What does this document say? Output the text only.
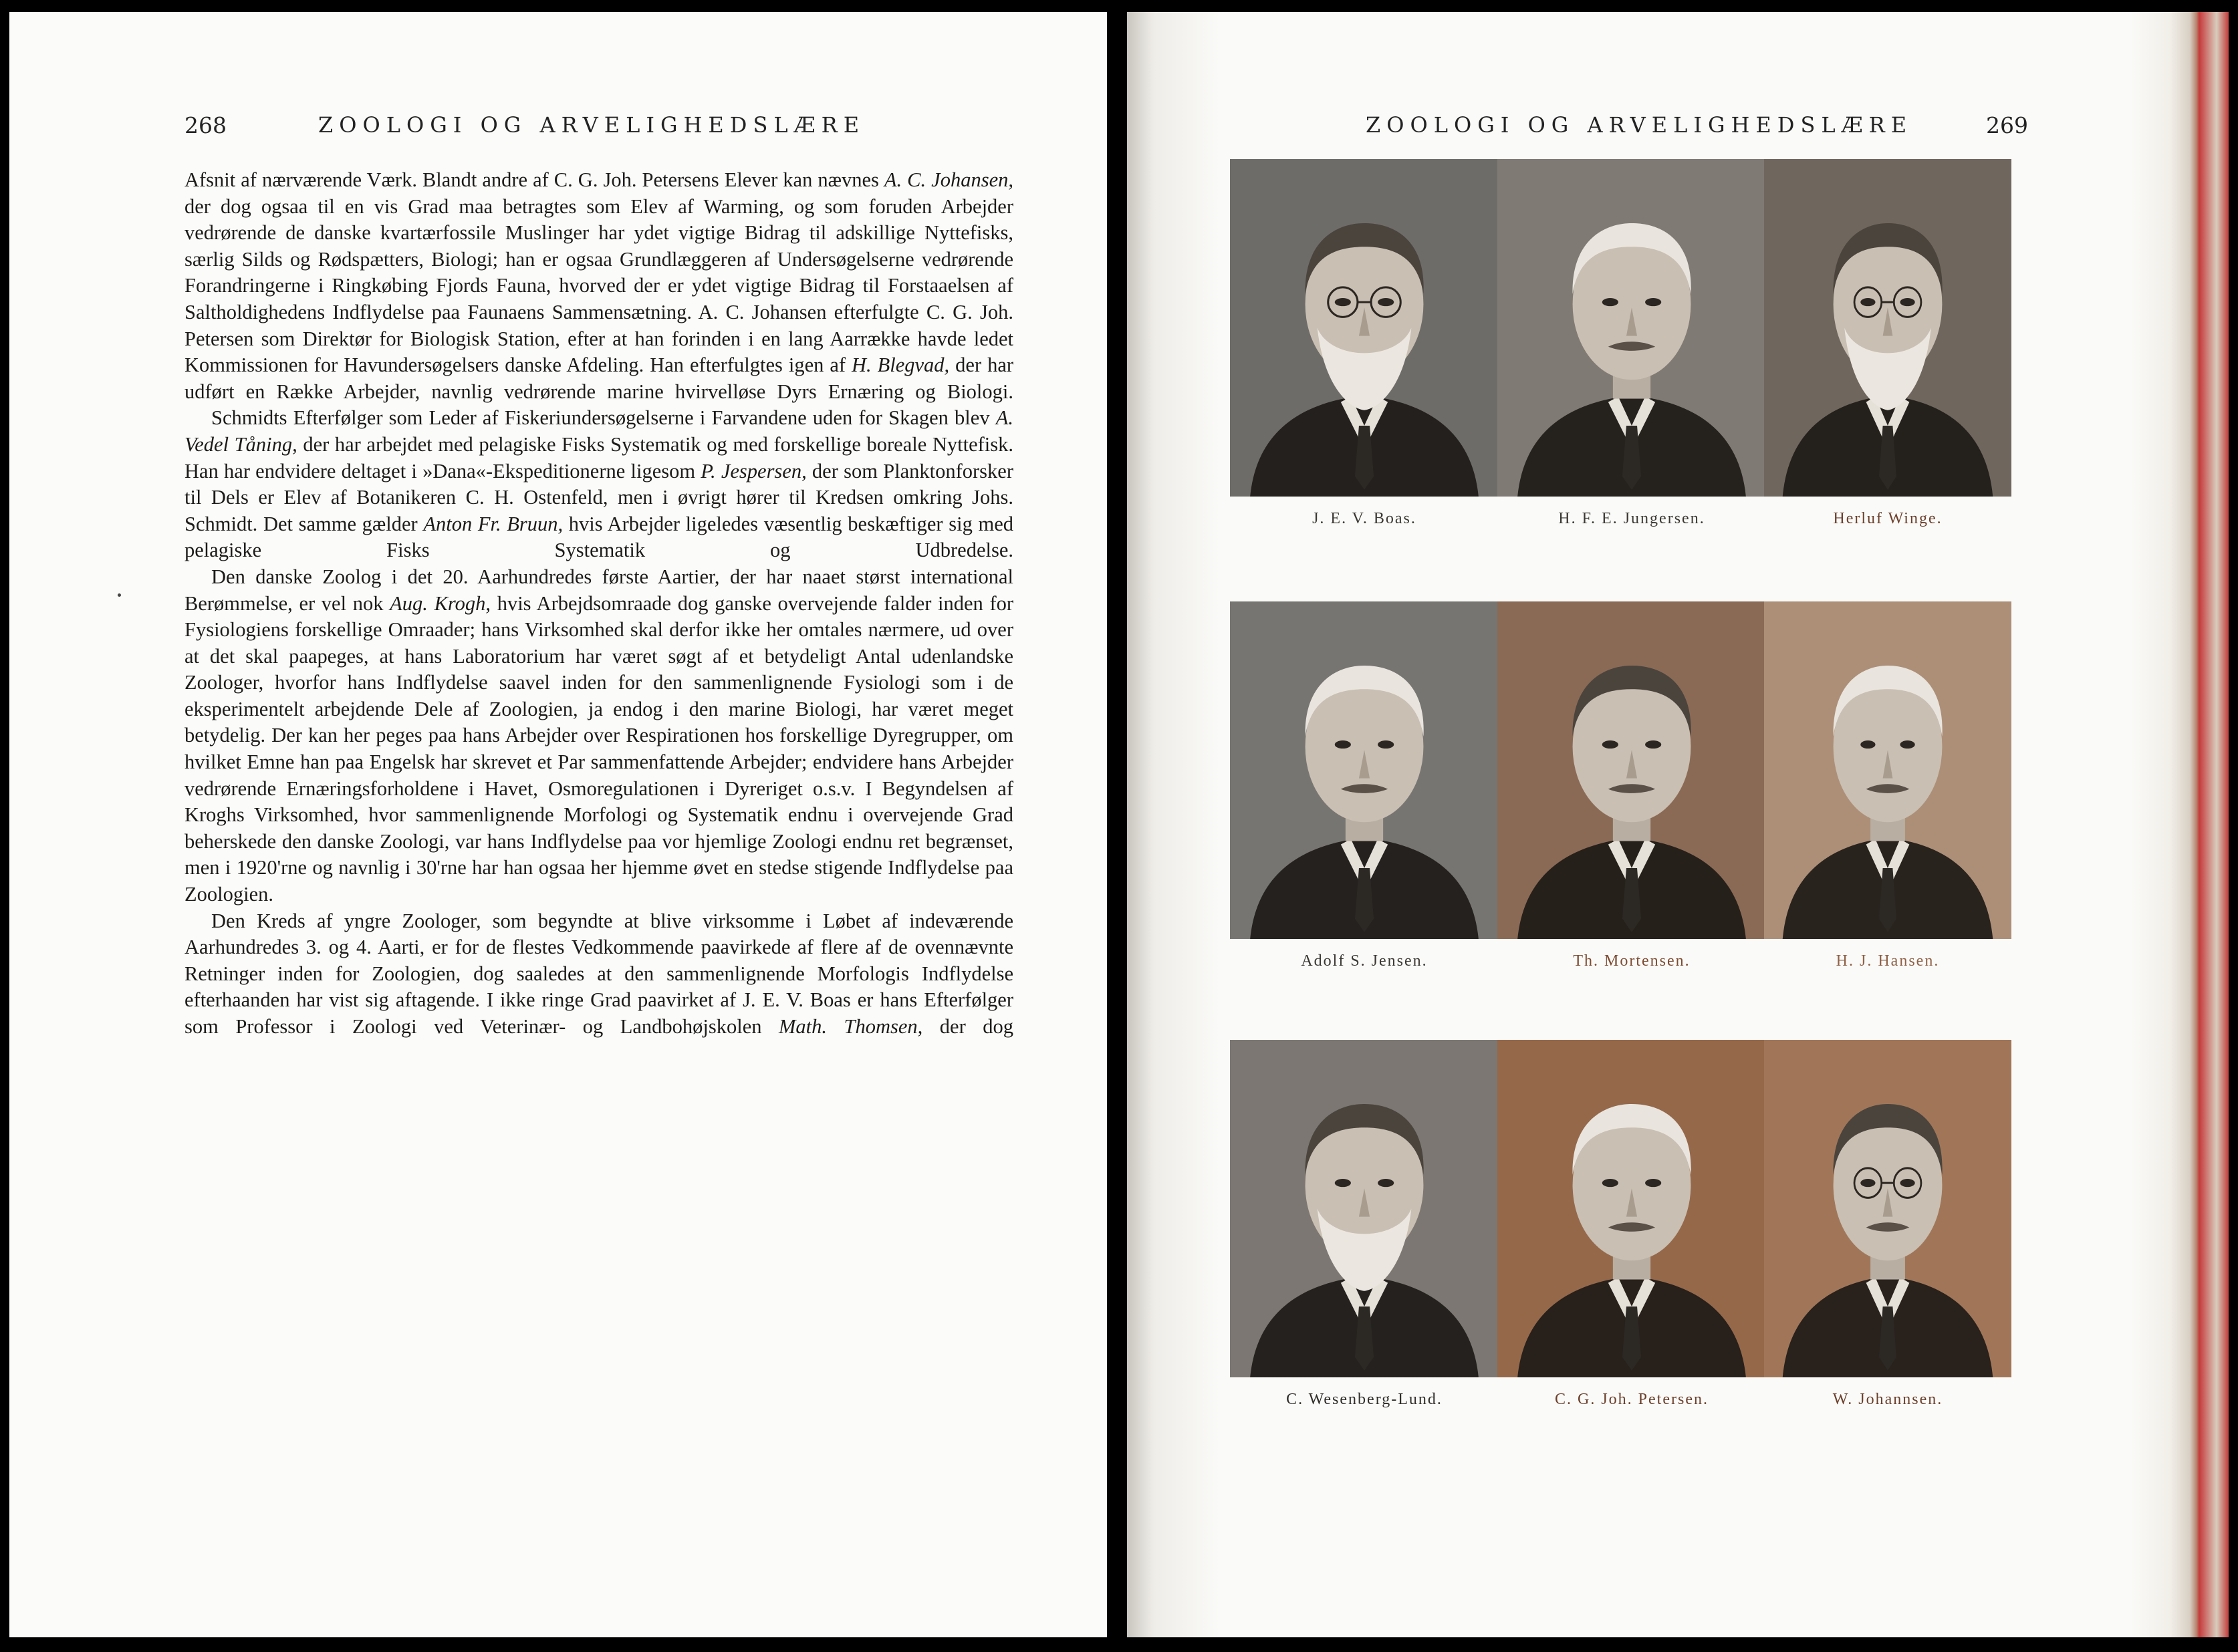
268	ZOOLOGI OG ARVELIGHEDSLÆRE

Afsnit af nærværende Værk. Blandt andre af C. G. Joh. Petersens Elever kan nævnes A. C. Johansen, der dog ogsaa til en vis Grad maa betragtes som Elev af Warming, og som foruden Arbejder vedrørende de danske kvartærfossile Muslinger har ydet vigtige Bidrag til adskillige Nyttefisks, særlig Silds og Rødspætters, Biologi; han er ogsaa Grundlæggeren af Undersøgelserne vedrørende Forandringerne i Ringkøbing Fjords Fauna, hvorved der er ydet vigtige Bidrag til Forstaaelsen af Saltholdighedens Indflydelse paa Faunaens Sammensætning. A. C. Johansen efterfulgte C. G. Joh. Petersen som Direktør for Biologisk Station, efter at han forinden i en lang Aarrække havde ledet Kommissionen for Havundersøgelsers danske Afdeling. Han efterfulgtes igen af H. Blegvad, der har udført en Række Arbejder, navnlig vedrørende marine hvirvelløse Dyrs Ernæring og Biologi.

Schmidts Efterfølger som Leder af Fiskeriundersøgelserne i Farvandene uden for Skagen blev A. Vedel Tåning, der har arbejdet med pelagiske Fisks Systematik og med forskellige boreale Nyttefisk. Han har endvidere deltaget i »Dana«-Ekspeditionerne ligesom P. Jespersen, der som Planktonforsker til Dels er Elev af Botanikeren C. H. Ostenfeld, men i øvrigt hører til Kredsen omkring Johs. Schmidt. Det samme gælder Anton Fr. Bruun, hvis Arbejder ligeledes væsentlig beskæftiger sig med pelagiske Fisks Systematik og Udbredelse.

Den danske Zoolog i det 20. Aarhundredes første Aartier, der har naaet størst international Berømmelse, er vel nok Aug. Krogh, hvis Arbejdsomraade dog ganske overvejende falder inden for Fysiologiens forskellige Omraader; hans Virksomhed skal derfor ikke her omtales nærmere, ud over at det skal paapeges, at hans Laboratorium har været søgt af et betydeligt Antal udenlandske Zoologer, hvorfor hans Indflydelse saavel inden for den sammenlignende Fysiologi som i de eksperimentelt arbejdende Dele af Zoologien, ja endog i den marine Biologi, har været meget betydelig. Der kan her peges paa hans Arbejder over Respirationen hos forskellige Dyregrupper, om hvilket Emne han paa Engelsk har skrevet et Par sammenfattende Arbejder; endvidere hans Arbejder vedrørende Ernæringsforholdene i Havet, Osmoregulationen i Dyreriget o.s.v. I Begyndelsen af Kroghs Virksomhed, hvor sammenlignende Morfologi og Systematik endnu i overvejende Grad beherskede den danske Zoologi, var hans Indflydelse paa vor hjemlige Zoologi endnu ret begrænset, men i 1920'rne og navnlig i 30'rne har han ogsaa her hjemme øvet en stedse stigende Indflydelse paa Zoologien.

Den Kreds af yngre Zoologer, som begyndte at blive virksomme i Løbet af indeværende Aarhundredes 3. og 4. Aarti, er for de flestes Vedkommende paavirkede af flere af de ovennævnte Retninger inden for Zoologien, dog saaledes at den sammenlignende Morfologis Indflydelse efterhaanden har vist sig aftagende. I ikke ringe Grad paavirket af J. E. V. Boas er hans Efterfølger som Professor i Zoologi ved Veterinær- og Landbohøjskolen Math. Thomsen, der dog

ZOOLOGI OG ARVELIGHEDSLÆRE	269
J. E. V. Boas.	H. F. E. Jungersen.	Herluf Winge.
Adolf S. Jensen.	Th. Mortensen.	H. J. Hansen.
C. Wesenberg-Lund.	C. G. Joh. Petersen.	W. Johannsen.
